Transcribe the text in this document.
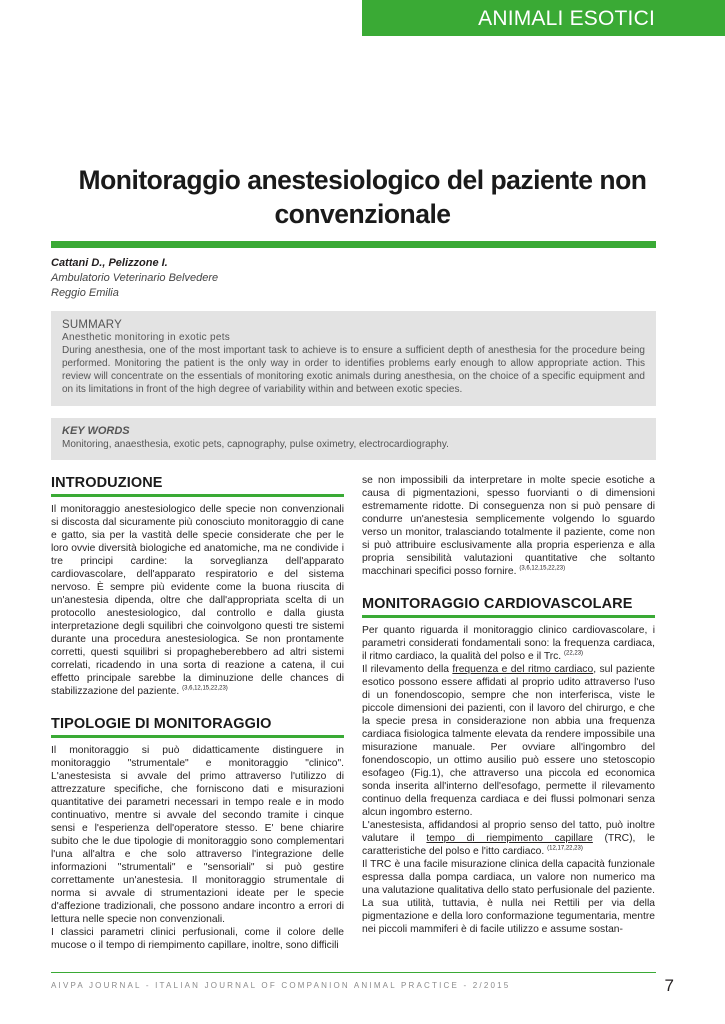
ANIMALI ESOTICI
Monitoraggio anestesiologico del paziente non convenzionale
Cattani D., Pelizzone I.
Ambulatorio Veterinario Belvedere
Reggio Emilia
SUMMARY
Anesthetic monitoring in exotic pets
During anesthesia, one of the most important task to achieve is to ensure a sufficient depth of anesthesia for the procedure being performed. Monitoring the patient is the only way in order to identifies problems early enough to allow appropriate action. This review will concentrate on the essentials of monitoring exotic animals during anesthesia, on the choice of a specific equipment and on its limitations in front of the high degree of variability within and between exotic species.
KEY WORDS
Monitoring, anaesthesia, exotic pets, capnography, pulse oximetry, electrocardiography.
INTRODUZIONE

Il monitoraggio anestesiologico delle specie non convenzionali si discosta dal sicuramente più conosciuto monitoraggio di cane e gatto, sia per la vastità delle specie considerate che per le loro ovvie diversità biologiche ed anatomiche, ma ne condivide i tre principi cardine: la sorveglianza dell'apparato cardiovascolare, dell'apparato respiratorio e del sistema nervoso. È sempre più evidente come la buona riuscita di un'anestesia dipenda, oltre che dall'appropriata scelta di un protocollo anestesiologico, dal controllo e dalla giusta interpretazione degli squilibri che coinvolgono questi tre sistemi durante una procedura anestesiologica. Se non prontamente corretti, questi squilibri si propagheberebbero ad altri sistemi correlati, ricadendo in una sorta di reazione a catena, il cui effetto principale sarebbe la diminuzione delle chances di stabilizzazione del paziente. $^{(3,6,12,15,22,23)}$

TIPOLOGIE DI MONITORAGGIO

Il monitoraggio si può didatticamente distinguere in monitoraggio "strumentale" e monitoraggio "clinico". L'anestesista si avvale del primo attraverso l'utilizzo di attrezzature specifiche, che forniscono dati e misurazioni quantitative dei parametri necessari in tempo reale e in modo continuativo, mentre si avvale del secondo tramite i cinque sensi e l'esperienza dell'operatore stesso. E' bene chiarire subito che le due tipologie di monitoraggio sono complementari l'una all'altra e che solo attraverso l'integrazione delle informazioni "strumentali" e "sensoriali" si può gestire correttamente un'anestesia. Il monitoraggio strumentale di norma si avvale di strumentazioni ideate per le specie d'affezione tradizionali, che possono andare incontro a errori di lettura nelle specie non convenzionali.

I classici parametri clinici perfusionali, come il colore delle mucose o il tempo di riempimento capillare, inoltre, sono difficili

se non impossibili da interpretare in molte specie esotiche a causa di pigmentazioni, spesso fuorvianti o di dimensioni estremamente ridotte. Di conseguenza non si può pensare di condurre un'anestesia semplicemente volgendo lo sguardo verso un monitor, tralasciando totalmente il paziente, come non si può attribuire esclusivamente alla propria esperienza e alla propria sensibilità valutazioni quantitative che soltanto macchinari specifici posso fornire. $^{(3,6,12,15,22,23)}$

MONITORAGGIO CARDIOVASCOLARE

Per quanto riguarda il monitoraggio clinico cardiovascolare, i parametri considerati fondamentali sono: la frequenza cardiaca, il ritmo cardiaco, la qualità del polso e il Trc. $^{(22,23)}$

Il rilevamento della frequenza e del ritmo cardiaco, sul paziente esotico possono essere affidati al proprio udito attraverso l'uso di un fonendoscopio, sempre che non interferisca, viste le piccole dimensioni dei pazienti, con il lavoro del chirurgo, e che la specie presa in considerazione non abbia una frequenza cardiaca fisiologica talmente elevata da rendere impossibile una misurazione manuale. Per ovviare all'ingombro del fonendoscopio, un ottimo ausilio può essere uno stetoscopio esofageo (Fig.1), che attraverso una piccola ed economica sonda inserita all'interno dell'esofago, permette il rilevamento continuo della frequenza cardiaca e dei flussi polmonari senza alcun ingombro esterno.

L'anestesista, affidandosi al proprio senso del tatto, può inoltre valutare il tempo di riempimento capillare (TRC), le caratteristiche del polso e l'itto cardiaco. $^{(12,17,22,23)}$

Il TRC è una facile misurazione clinica della capacità funzionale espressa dalla pompa cardiaca, un valore non numerico ma una valutazione qualitativa dello stato perfusionale del paziente. La sua utilità, tuttavia, è nulla nei Rettili per via della pigmentazione e della loro conformazione tegumentaria, mentre nei piccoli mammiferi è di facile utilizzo e assume sostan-

AIVPA JOURNAL - ITALIAN JOURNAL OF COMPANION ANIMAL PRACTICE - 2/2015	7
